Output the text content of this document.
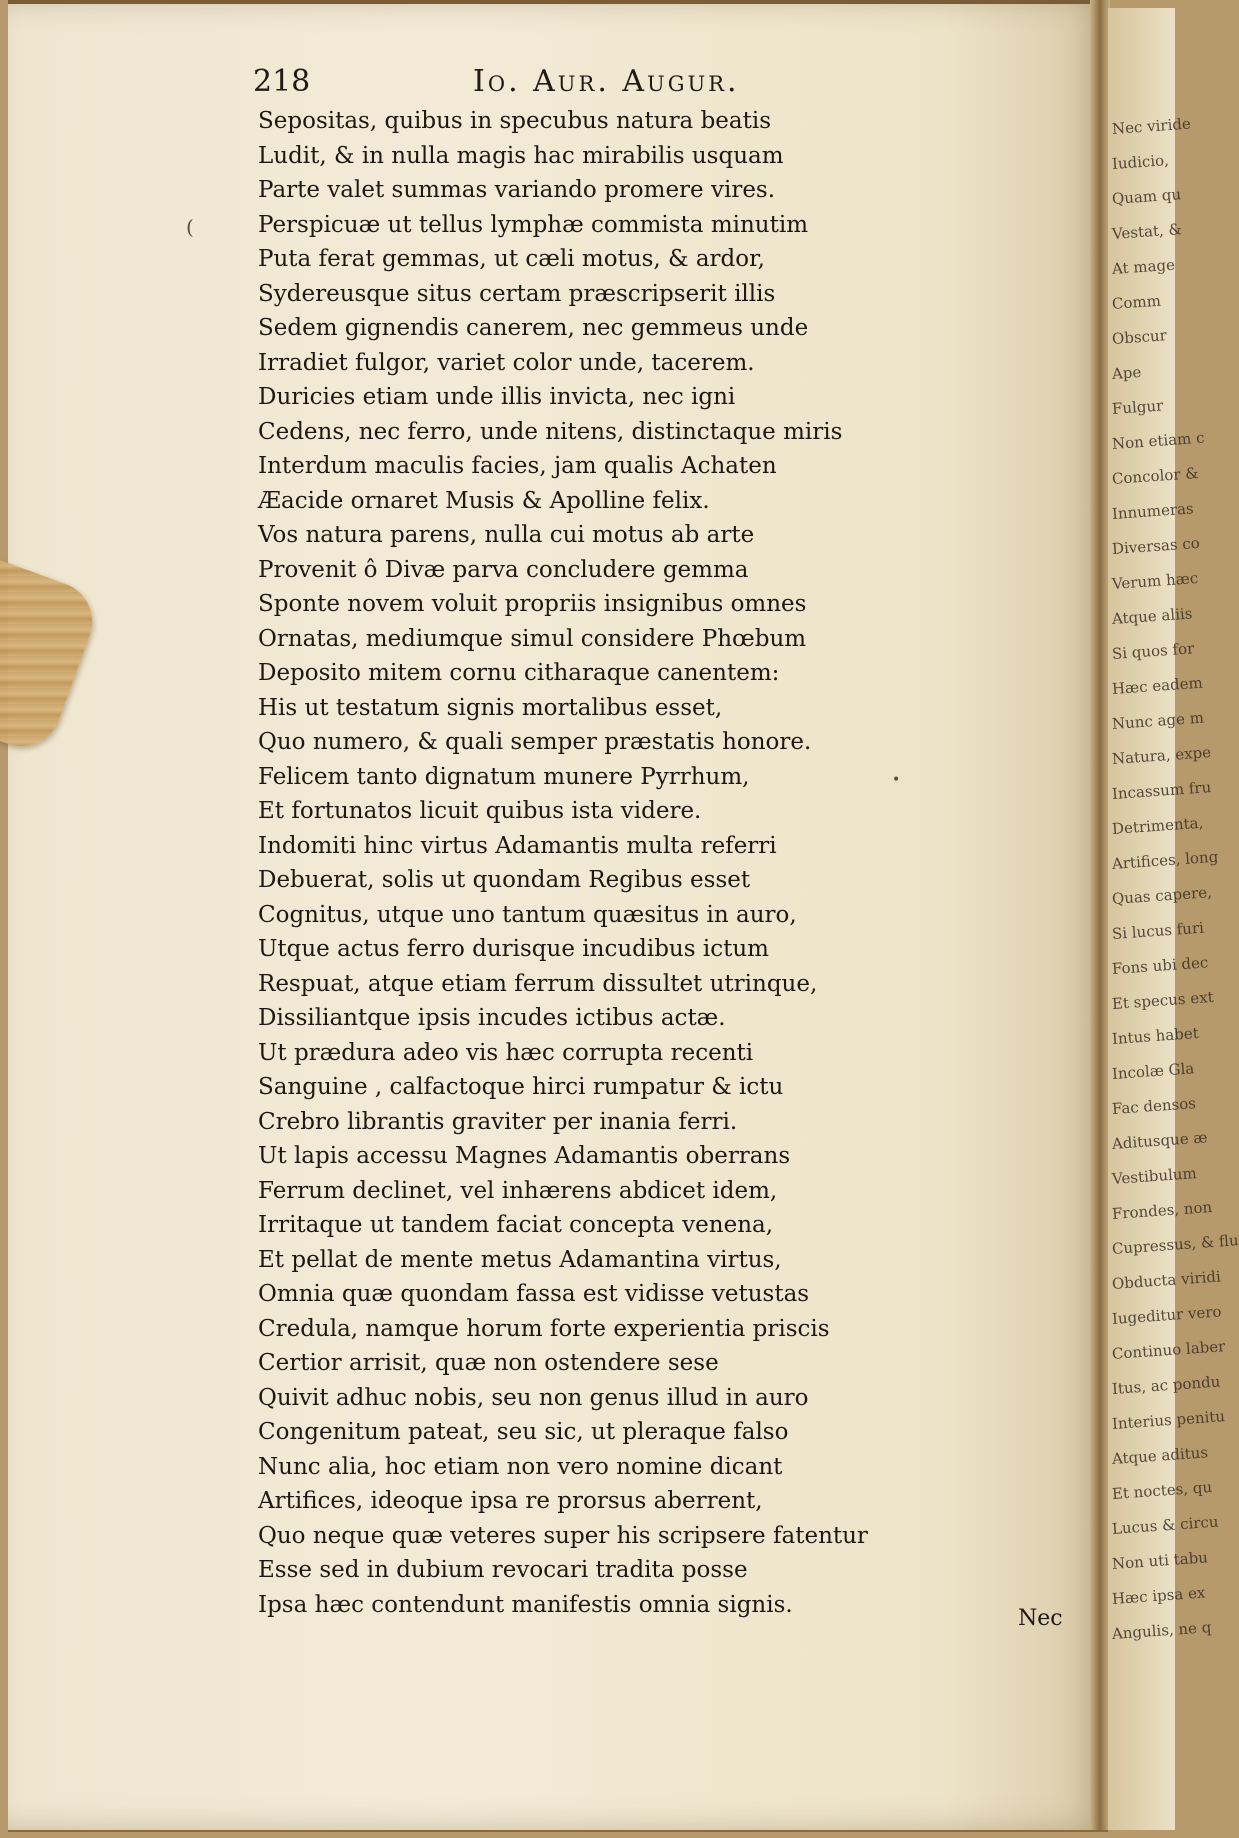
218	Io. Aur. Augur.
Sepositas, quibus in specubus natura beatis
Ludit, & in nulla magis hac mirabilis usquam
Parte valet summas variando promere vires.
Perspicuæ ut tellus lymphæ commista minutim
Puta ferat gemmas, ut cæli motus, & ardor,
Sydereusque situs certam præscripserit illis
Sedem gignendis canerem, nec gemmeus unde
Irradiet fulgor, variet color unde, tacerem.
Duricies etiam unde illis invicta, nec igni
Cedens, nec ferro, unde nitens, distinctaque miris
Interdum maculis facies, jam qualis Achaten
Æacide ornaret Musis & Apolline felix.
Vos natura parens, nulla cui motus ab arte
Provenit ô Divæ parva concludere gemma
Sponte novem voluit propriis insignibus omnes
Ornatas, mediumque simul considere Phœbum
Deposito mitem cornu citharaque canentem:
His ut testatum signis mortalibus esset,
Quo numero, & quali semper præstatis honore.
Felicem tanto dignatum munere Pyrrhum,
Et fortunatos licuit quibus ista videre.
Indomiti hinc virtus Adamantis multa referri
Debuerat, solis ut quondam Regibus esset
Cognitus, utque uno tantum quæsitus in auro,
Utque actus ferro durisque incudibus ictum
Respuat, atque etiam ferrum dissultet utrinque,
Dissiliantque ipsis incudes ictibus actæ.
Ut prædura adeo vis hæc corrupta recenti
Sanguine , calfactoque hirci rumpatur & ictu
Crebro librantis graviter per inania ferri.
Ut lapis accessu Magnes Adamantis oberrans
Ferrum declinet, vel inhærens abdicet idem,
Irritaque ut tandem faciat concepta venena,
Et pellat de mente metus Adamantina virtus,
Omnia quæ quondam fassa est vidisse vetustas
Credula, namque horum forte experientia priscis
Certior arrisit, quæ non ostendere sese
Quivit adhuc nobis, seu non genus illud in auro
Congenitum pateat, seu sic, ut pleraque falso
Nunc alia, hoc etiam non vero nomine dicant
Artifices, ideoque ipsa re prorsus aberrent,
Quo neque quæ veteres super his scripsere fatentur
Esse sed in dubium revocari tradita posse
Ipsa hæc contendunt manifestis omnia signis.
Nec
(
•
Nec viride
Iudicio,
Quam qu
Vestat, &
At mage
Comm
Obscur
Ape
Fulgur
Non etiam c
Concolor &
Innumeras
Diversas co
Verum hæc
Atque aliis
Si quos for
Hæc eadem
Nunc age m
Natura, expe
Incassum fru
Detrimenta,
Artifices, long
Quas capere,
Si lucus furi
Fons ubi dec
Et specus ext
Intus habet
Incolæ Gla
Fac densos
Aditusque æ
Vestibulum
Frondes, non
Cupressus, & flu
Obducta viridi
Iugeditur vero
Continuo laber
Itus, ac pondu
Interius penitu
Atque aditus
Et noctes, qu
Lucus & circu
Non uti tabu
Hæc ipsa ex
Angulis, ne q
